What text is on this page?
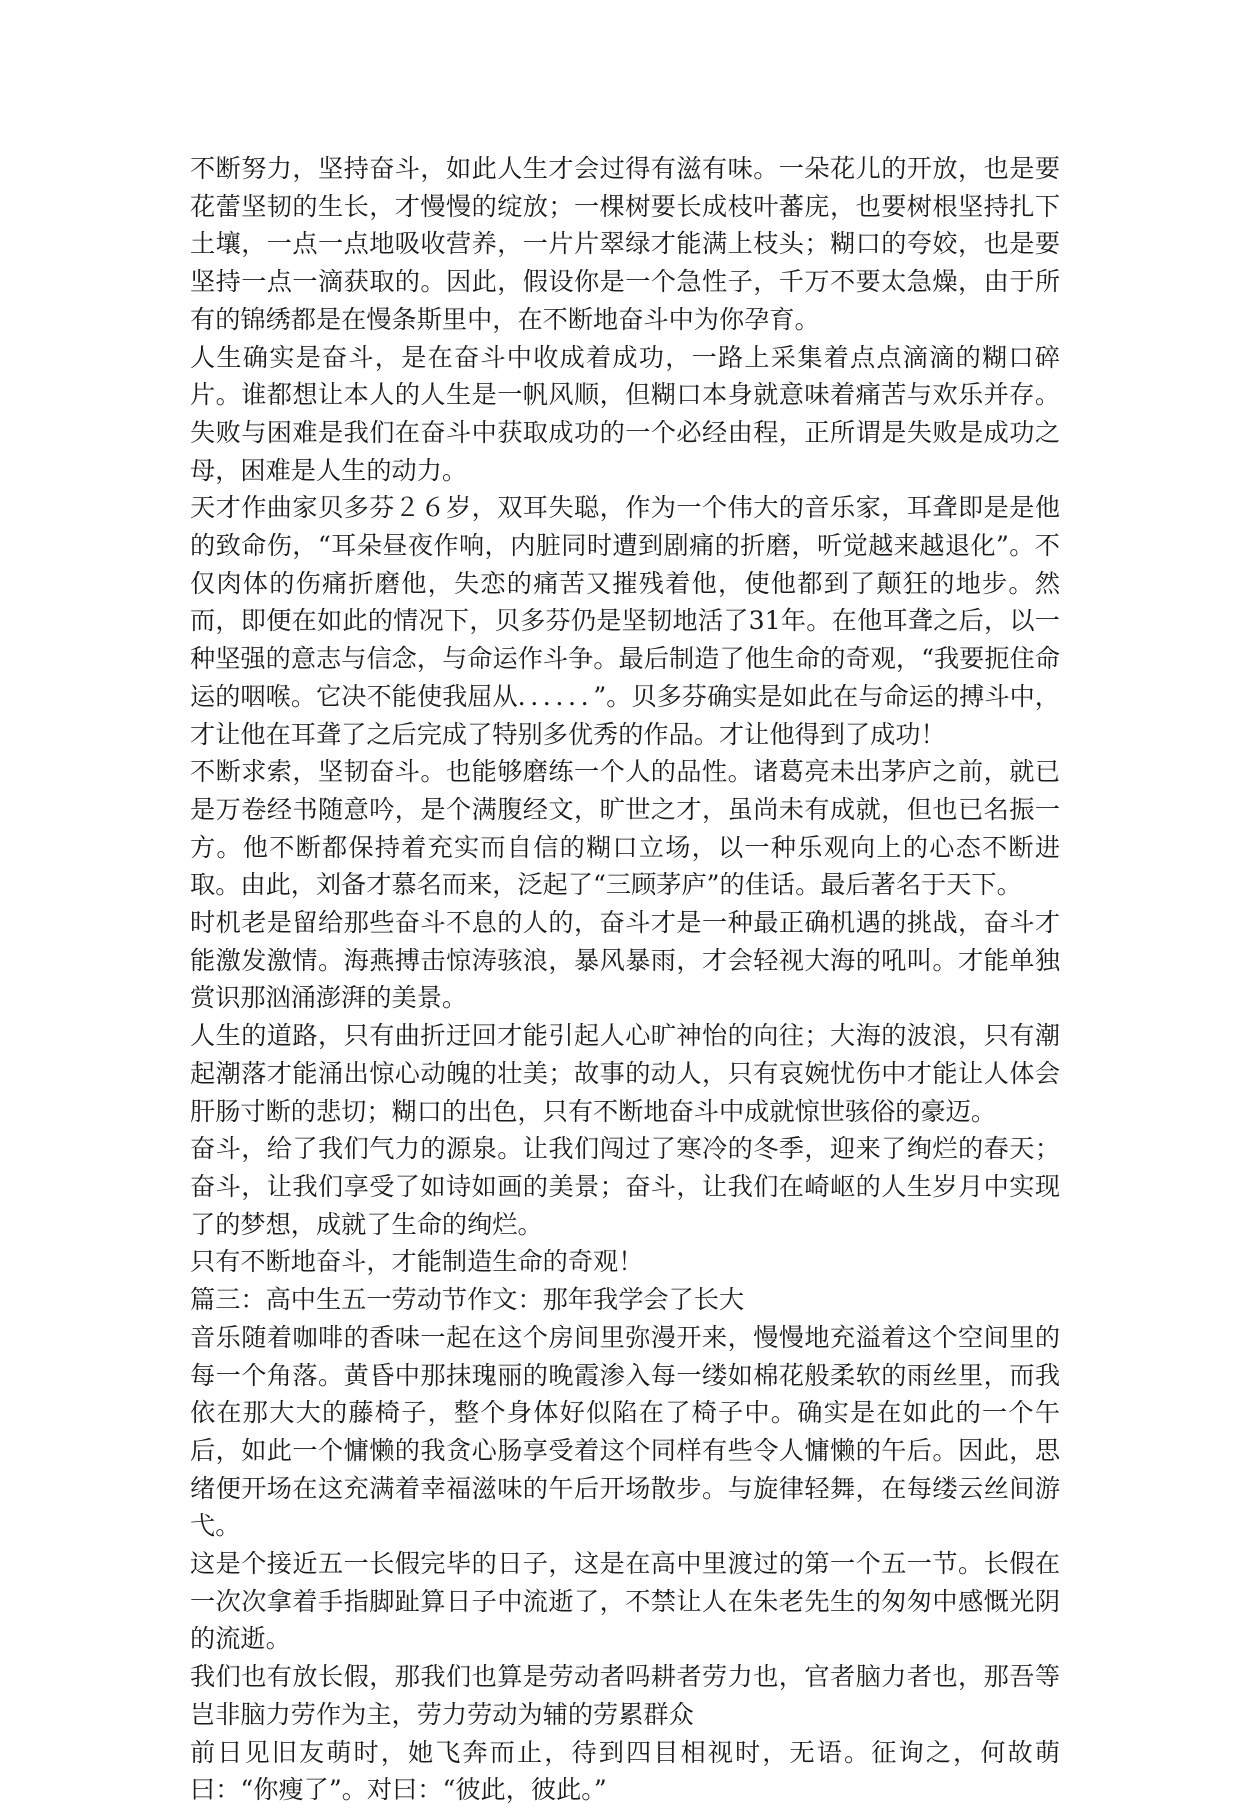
不断努力，坚持奋斗，如此人生才会过得有滋有味。一朵花儿的开放，也是要花蕾坚韧的生长，才慢慢的绽放；一棵树要长成枝叶蕃庑，也要树根坚持扎下土壤，一点一点地吸收营养，一片片翠绿才能满上枝头；糊口的夸姣，也是要坚持一点一滴获取的。因此，假设你是一个急性子，千万不要太急燥，由于所有的锦绣都是在慢条斯里中，在不断地奋斗中为你孕育。

人生确实是奋斗，是在奋斗中收成着成功，一路上采集着点点滴滴的糊口碎片。谁都想让本人的人生是一帆风顺，但糊口本身就意味着痛苦与欢乐并存。失败与困难是我们在奋斗中获取成功的一个必经由程，正所谓是失败是成功之母，困难是人生的动力。

天才作曲家贝多芬２６岁，双耳失聪，作为一个伟大的音乐家，耳聋即是是他的致命伤，“耳朵昼夜作响，内脏同时遭到剧痛的折磨，听觉越来越退化”。不仅肉体的伤痛折磨他，失恋的痛苦又摧残着他，使他都到了颠狂的地步。然而，即便在如此的情况下，贝多芬仍是坚韧地活了31年。在他耳聋之后，以一种坚强的意志与信念，与命运作斗争。最后制造了他生命的奇观，“我要扼住命运的咽喉。它决不能使我屈从．．．．．．”。贝多芬确实是如此在与命运的搏斗中，才让他在耳聋了之后完成了特别多优秀的作品。才让他得到了成功！

不断求索，坚韧奋斗。也能够磨练一个人的品性。诸葛亮未出茅庐之前，就已是万卷经书随意吟，是个满腹经文，旷世之才，虽尚未有成就，但也已名振一方。他不断都保持着充实而自信的糊口立场，以一种乐观向上的心态不断进取。由此，刘备才慕名而来，泛起了“三顾茅庐”的佳话。最后著名于天下。

时机老是留给那些奋斗不息的人的，奋斗才是一种最正确机遇的挑战，奋斗才能激发激情。海燕搏击惊涛骇浪，暴风暴雨，才会轻视大海的吼叫。才能单独赏识那汹涌澎湃的美景。

人生的道路，只有曲折迂回才能引起人心旷神怡的向往；大海的波浪，只有潮起潮落才能涌出惊心动魄的壮美；故事的动人，只有哀婉忧伤中才能让人体会肝肠寸断的悲切；糊口的出色，只有不断地奋斗中成就惊世骇俗的豪迈。

奋斗，给了我们气力的源泉。让我们闯过了寒冷的冬季，迎来了绚烂的春天；奋斗，让我们享受了如诗如画的美景；奋斗，让我们在崎岖的人生岁月中实现了的梦想，成就了生命的绚烂。

只有不断地奋斗，才能制造生命的奇观！

篇三：高中生五一劳动节作文：那年我学会了长大

音乐随着咖啡的香味一起在这个房间里弥漫开来，慢慢地充溢着这个空间里的每一个角落。黄昏中那抹瑰丽的晚霞渗入每一缕如棉花般柔软的雨丝里，而我依在那大大的藤椅子，整个身体好似陷在了椅子中。确实是在如此的一个午后，如此一个慵懒的我贪心肠享受着这个同样有些令人慵懒的午后。因此，思绪便开场在这充满着幸福滋味的午后开场散步。与旋律轻舞，在每缕云丝间游弋。

这是个接近五一长假完毕的日子，这是在高中里渡过的第一个五一节。长假在一次次拿着手指脚趾算日子中流逝了，不禁让人在朱老先生的匆匆中感慨光阴的流逝。

我们也有放长假，那我们也算是劳动者吗耕者劳力也，官者脑力者也，那吾等岂非脑力劳作为主，劳力劳动为辅的劳累群众

前日见旧友萌时，她飞奔而止，待到四目相视时，无语。征询之，何故萌曰：“你瘦了”。对曰：“彼此，彼此。”
